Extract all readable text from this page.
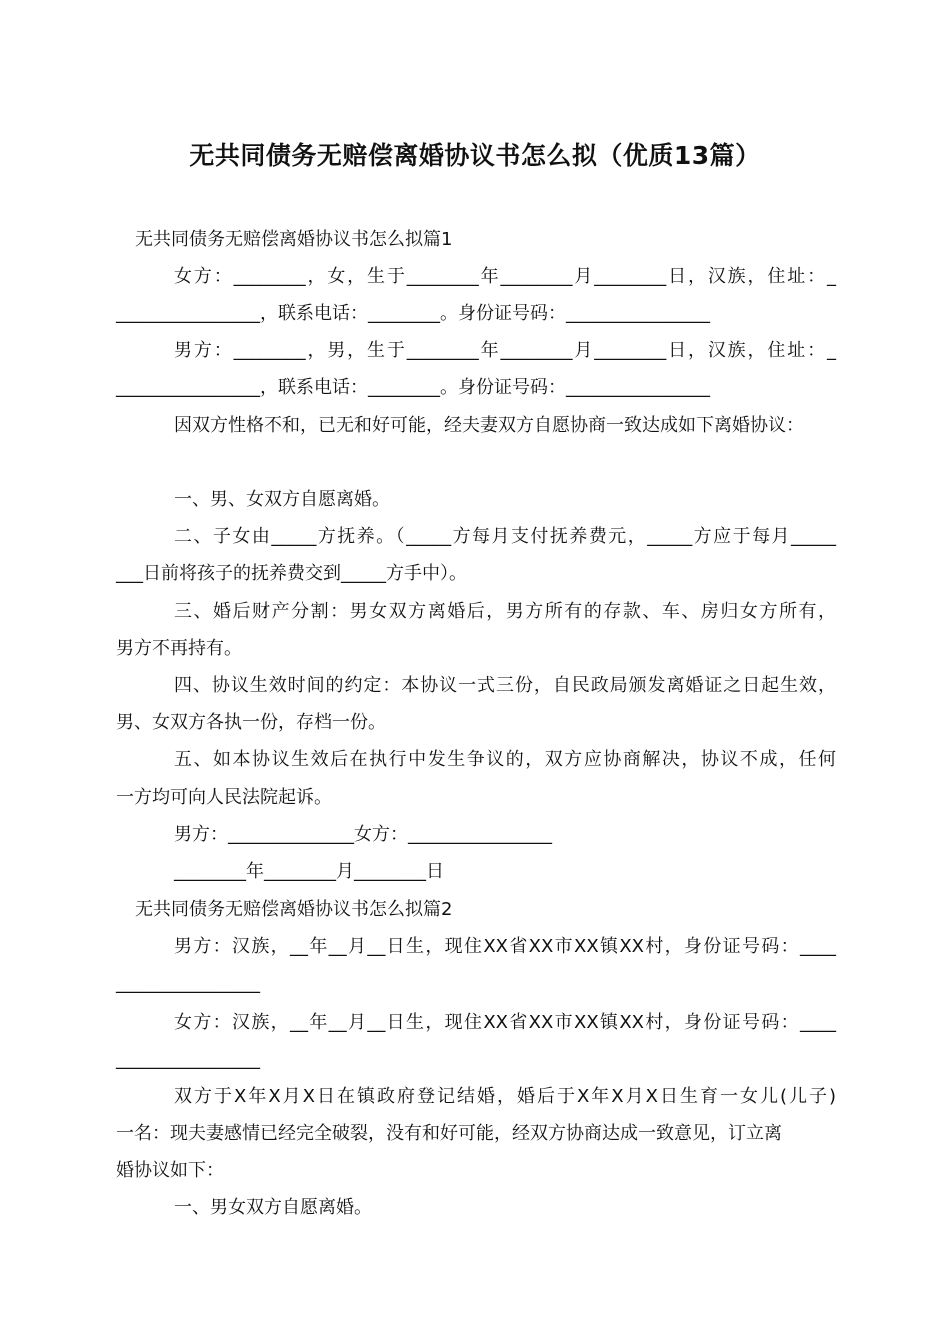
无共同债务无赔偿离婚协议书怎么拟（优质13篇）

无共同债务无赔偿离婚协议书怎么拟篇1

女方：________，女，生于________年________月________日，汉族，住址：_

________________，联系电话：________。身份证号码：________________

男方：________，男，生于________年________月________日，汉族，住址：_

________________，联系电话：________。身份证号码：________________

因双方性格不和，已无和好可能，经夫妻双方自愿协商一致达成如下离婚协议：

一、男、女双方自愿离婚。

二、子女由_____方抚养。（_____方每月支付抚养费元，_____方应于每月_____

___日前将孩子的抚养费交到_____方手中）。

三、婚后财产分割：男女双方离婚后，男方所有的存款、车、房归女方所有，

男方不再持有。

四、协议生效时间的约定：本协议一式三份，自民政局颁发离婚证之日起生效，

男、女双方各执一份，存档一份。

五、如本协议生效后在执行中发生争议的，双方应协商解决，协议不成，任何

一方均可向人民法院起诉。

男方：______________女方：________________

________年________月________日

无共同债务无赔偿离婚协议书怎么拟篇2

男方：汉族，__年__月__日生，现住XX省XX市XX镇XX村，身份证号码：____

________________

女方：汉族，__年__月__日生，现住XX省XX市XX镇XX村，身份证号码：____

________________

双方于X年X月X日在镇政府登记结婚，婚后于X年X月X日生育一女儿(儿子)

一名：现夫妻感情已经完全破裂，没有和好可能，经双方协商达成一致意见，订立离

婚协议如下：

一、男女双方自愿离婚。
